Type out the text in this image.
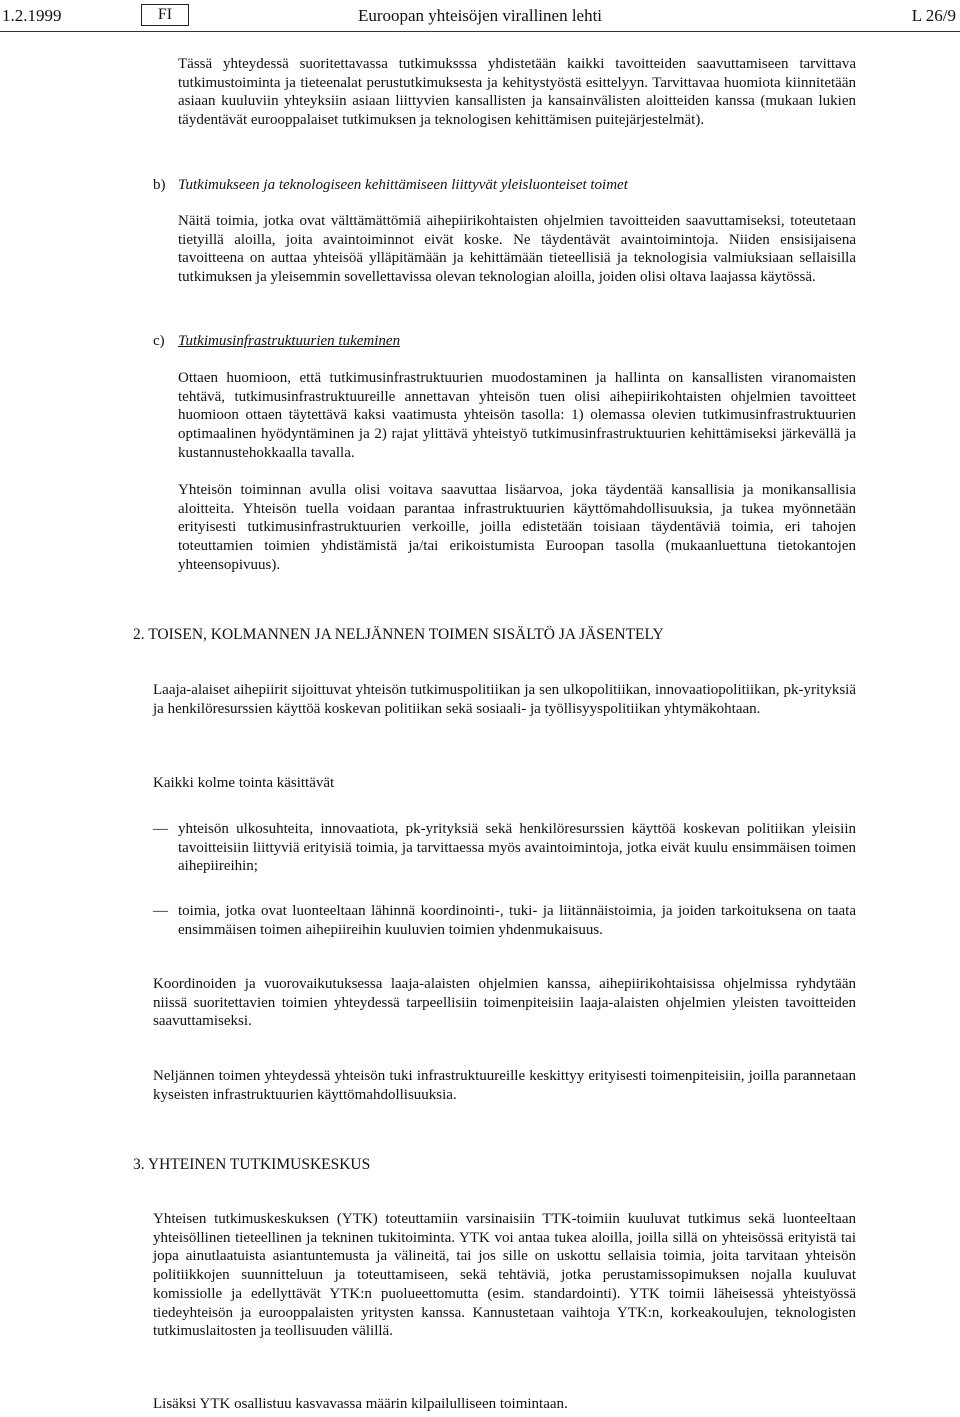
1.2.1999	FI	Euroopan yhteisöjen virallinen lehti	L 26/9

Tässä yhteydessä suoritettavassa tutkimuksssa yhdistetään kaikki tavoitteiden saavuttamiseen tarvittava tutkimustoiminta ja tieteenalat perustutkimuksesta ja kehitystyöstä esittelyyn. Tarvittavaa huomiota kiinnitetään asiaan kuuluviin yhteyksiin asiaan liittyvien kansallisten ja kansainvälisten aloitteiden kanssa (mukaan lukien täydentävät eurooppalaiset tutkimuksen ja teknologisen kehittämisen puitejärjestelmät).

b) Tutkimukseen ja teknologiseen kehittämiseen liittyvät yleisluonteiset toimet

Näitä toimia, jotka ovat välttämättömiä aihepiirikohtaisten ohjelmien tavoitteiden saavuttamiseksi, toteutetaan tietyillä aloilla, joita avaintoiminnot eivät koske. Ne täydentävät avaintoimintoja. Niiden ensisijaisena tavoitteena on auttaa yhteisöä ylläpitämään ja kehittämään tieteellisiä ja teknologisia valmiuksiaan sellaisilla tutkimuksen ja yleisemmin sovellettavissa olevan teknologian aloilla, joiden olisi oltava laajassa käytössä.

c) Tutkimusinfrastruktuurien tukeminen

Ottaen huomioon, että tutkimusinfrastruktuurien muodostaminen ja hallinta on kansallisten viranomaisten tehtävä, tutkimusinfrastruktuureille annettavan yhteisön tuen olisi aihepiirikohtaisten ohjelmien tavoitteet huomioon ottaen täytettävä kaksi vaatimusta yhteisön tasolla: 1) olemassa olevien tutkimusinfrastruktuurien optimaalinen hyödyntäminen ja 2) rajat ylittävä yhteistyö tutkimusinfrastruktuurien kehittämiseksi järkevällä ja kustannustehokkaalla tavalla.

Yhteisön toiminnan avulla olisi voitava saavuttaa lisäarvoa, joka täydentää kansallisia ja monikansallisia aloitteita. Yhteisön tuella voidaan parantaa infrastruktuurien käyttömahdollisuuksia, ja tukea myönnetään erityisesti tutkimusinfrastruktuurien verkoille, joilla edistetään toisiaan täydentäviä toimia, eri tahojen toteuttamien toimien yhdistämistä ja/tai erikoistumista Euroopan tasolla (mukaanluettuna tietokantojen yhteensopivuus).

2. TOISEN, KOLMANNEN JA NELJÄNNEN TOIMEN SISÄLTÖ JA JÄSENTELY

Laaja-alaiset aihepiirit sijoittuvat yhteisön tutkimuspolitiikan ja sen ulkopolitiikan, innovaatiopolitiikan, pk-yrityksiä ja henkilöresurssien käyttöä koskevan politiikan sekä sosiaali- ja työllisyyspolitiikan yhtymäkohtaan.

Kaikki kolme tointa käsittävät

— yhteisön ulkosuhteita, innovaatiota, pk-yrityksiä sekä henkilöresurssien käyttöä koskevan politiikan yleisiin tavoitteisiin liittyviä erityisiä toimia, ja tarvittaessa myös avaintoimintoja, jotka eivät kuulu ensimmäisen toimen aihepiireihin;

— toimia, jotka ovat luonteeltaan lähinnä koordinointi-, tuki- ja liitännäistoimia, ja joiden tarkoituksena on taata ensimmäisen toimen aihepiireihin kuuluvien toimien yhdenmukaisuus.

Koordinoiden ja vuorovaikutuksessa laaja-alaisten ohjelmien kanssa, aihepiirikohtaisissa ohjelmissa ryhdytään niissä suoritettavien toimien yhteydessä tarpeellisiin toimenpiteisiin laaja-alaisten ohjelmien yleisten tavoitteiden saavuttamiseksi.

Neljännen toimen yhteydessä yhteisön tuki infrastruktuureille keskittyy erityisesti toimenpiteisiin, joilla parannetaan kyseisten infrastruktuurien käyttömahdollisuuksia.

3. YHTEINEN TUTKIMUSKESKUS

Yhteisen tutkimuskeskuksen (YTK) toteuttamiin varsinaisiin TTK-toimiin kuuluvat tutkimus sekä luonteeltaan yhteisöllinen tieteellinen ja tekninen tukitoiminta. YTK voi antaa tukea aloilla, joilla sillä on yhteisössä erityistä tai jopa ainutlaatuista asiantuntemusta ja välineitä, tai jos sille on uskottu sellaisia toimia, joita tarvitaan yhteisön politiikkojen suunnitteluun ja toteuttamiseen, sekä tehtäviä, jotka perustamissopimuksen nojalla kuuluvat komissiolle ja edellyttävät YTK:n puolueettomutta (esim. standardointi). YTK toimii läheisessä yhteistyössä tiedeyhteisön ja eurooppalaisten yritysten kanssa. Kannustetaan vaihtoja YTK:n, korkeakoulujen, teknologisten tutkimuslaitosten ja teollisuuden välillä.

Lisäksi YTK osallistuu kasvavassa määrin kilpailulliseen toimintaan.
